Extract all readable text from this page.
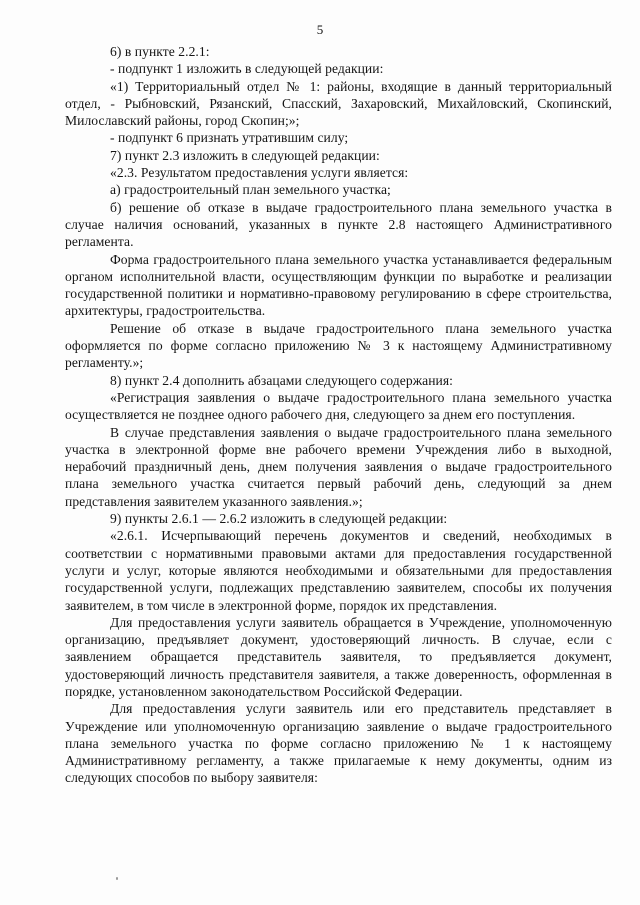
5

6) в пункте 2.2.1:

- подпункт 1 изложить в следующей редакции:

«1) Территориальный отдел № 1: районы, входящие в данный территориальный отдел, - Рыбновский, Рязанский, Спасский, Захаровский, Михайловский, Скопинский, Милославский районы, город Скопин;»;

- подпункт 6 признать утратившим силу;

7) пункт 2.3 изложить в следующей редакции:

«2.3. Результатом предоставления услуги является:

а) градостроительный план земельного участка;

б) решение об отказе в выдаче градостроительного плана земельного участка в случае наличия оснований, указанных в пункте 2.8 настоящего Административного регламента.

Форма градостроительного плана земельного участка устанавливается федеральным органом исполнительной власти, осуществляющим функции по выработке и реализации государственной политики и нормативно-правовому регулированию в сфере строительства, архитектуры, градостроительства.

Решение об отказе в выдаче градостроительного плана земельного участка оформляется по форме согласно приложению № 3 к настоящему Административному регламенту.»;

8) пункт 2.4 дополнить абзацами следующего содержания:

«Регистрация заявления о выдаче градостроительного плана земельного участка осуществляется не позднее одного рабочего дня, следующего за днем его поступления.

В случае представления заявления о выдаче градостроительного плана земельного участка в электронной форме вне рабочего времени Учреждения либо в выходной, нерабочий праздничный день, днем получения заявления о выдаче градостроительного плана земельного участка считается первый рабочий день, следующий за днем представления заявителем указанного заявления.»;

9) пункты 2.6.1 — 2.6.2 изложить в следующей редакции:

«2.6.1. Исчерпывающий перечень документов и сведений, необходимых в соответствии с нормативными правовыми актами для предоставления государственной услуги и услуг, которые являются необходимыми и обязательными для предоставления государственной услуги, подлежащих представлению заявителем, способы их получения заявителем, в том числе в электронной форме, порядок их представления.

Для предоставления услуги заявитель обращается в Учреждение, уполномоченную организацию, предъявляет документ, удостоверяющий личность. В случае, если с заявлением обращается представитель заявителя, то предъявляется документ, удостоверяющий личность представителя заявителя, а также доверенность, оформленная в порядке, установленном законодательством Российской Федерации.

Для предоставления услуги заявитель или его представитель представляет в Учреждение или уполномоченную организацию заявление о выдаче градостроительного плана земельного участка по форме согласно приложению № 1 к настоящему Административному регламенту, а также прилагаемые к нему документы, одним из следующих способов по выбору заявителя:
